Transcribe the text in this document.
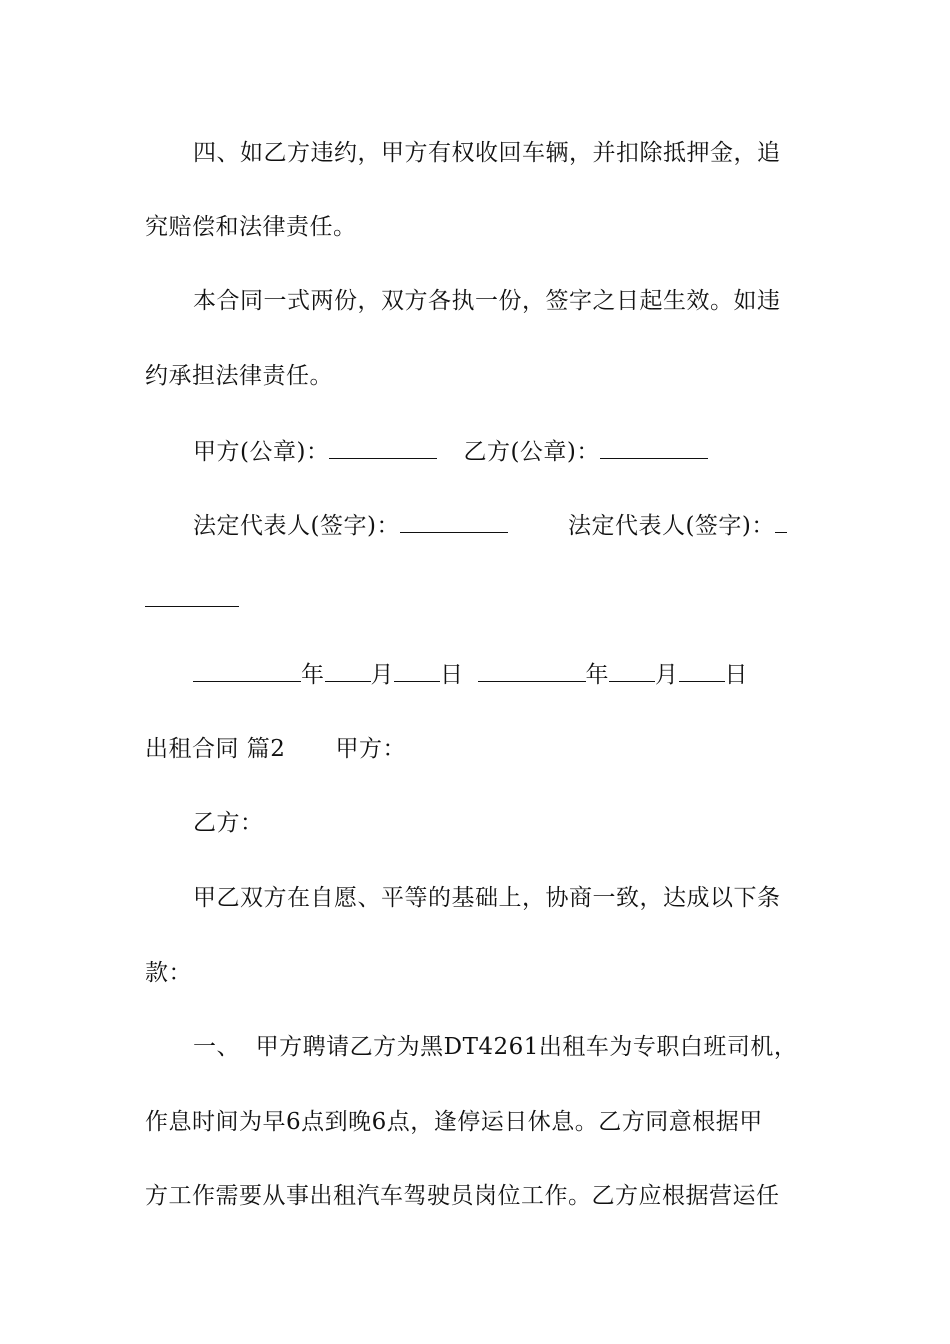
四、如乙方违约，甲方有权收回车辆，并扣除抵押金，追
究赔偿和法律责任。
本合同一式两份，双方各执一份，签字之日起生效。如违
约承担法律责任。
甲方(公章)：	乙方(公章)：
法定代表人(签字)：	法定代表人(签字)：
年 月 日	年 月 日
出租合同 篇2 甲方：
乙方：
甲乙双方在自愿、平等的基础上，协商一致，达成以下条
款：
一、  甲方聘请乙方为黑DT4261出租车为专职白班司机，
作息时间为早6点到晚6点，逢停运日休息。乙方同意根据甲
方工作需要从事出租汽车驾驶员岗位工作。乙方应根据营运任
